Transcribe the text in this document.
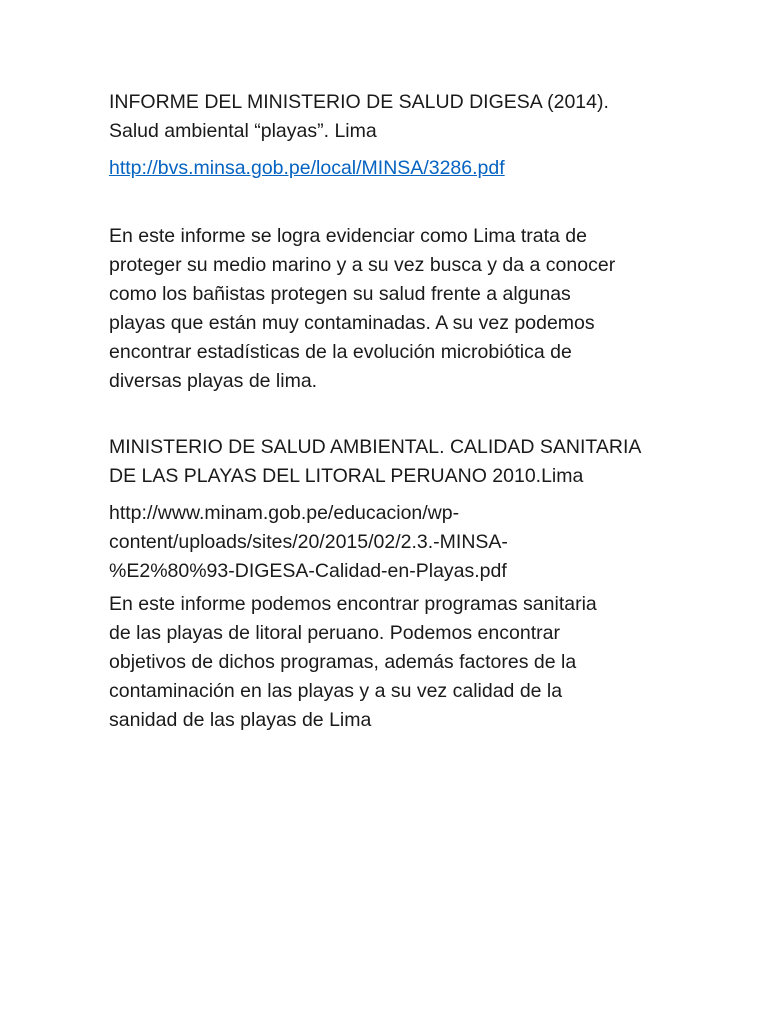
INFORME DEL MINISTERIO DE SALUD DIGESA (2014).
Salud ambiental “playas”. Lima

http://bvs.minsa.gob.pe/local/MINSA/3286.pdf

En este informe se logra evidenciar como Lima trata de
proteger su medio marino y a su vez busca y da a conocer
como los bañistas protegen su salud frente a algunas
playas que están muy contaminadas. A su vez podemos
encontrar estadísticas de la evolución microbiótica de
diversas playas de lima.

MINISTERIO DE SALUD AMBIENTAL. CALIDAD SANITARIA
DE LAS PLAYAS DEL LITORAL PERUANO 2010.Lima

http://www.minam.gob.pe/educacion/wp-
content/uploads/sites/20/2015/02/2.3.-MINSA-
%E2%80%93-DIGESA-Calidad-en-Playas.pdf

En este informe podemos encontrar programas sanitaria
de las playas de litoral peruano. Podemos encontrar
objetivos de dichos programas, además factores de la
contaminación en las playas y a su vez calidad de la
sanidad de las playas de Lima
